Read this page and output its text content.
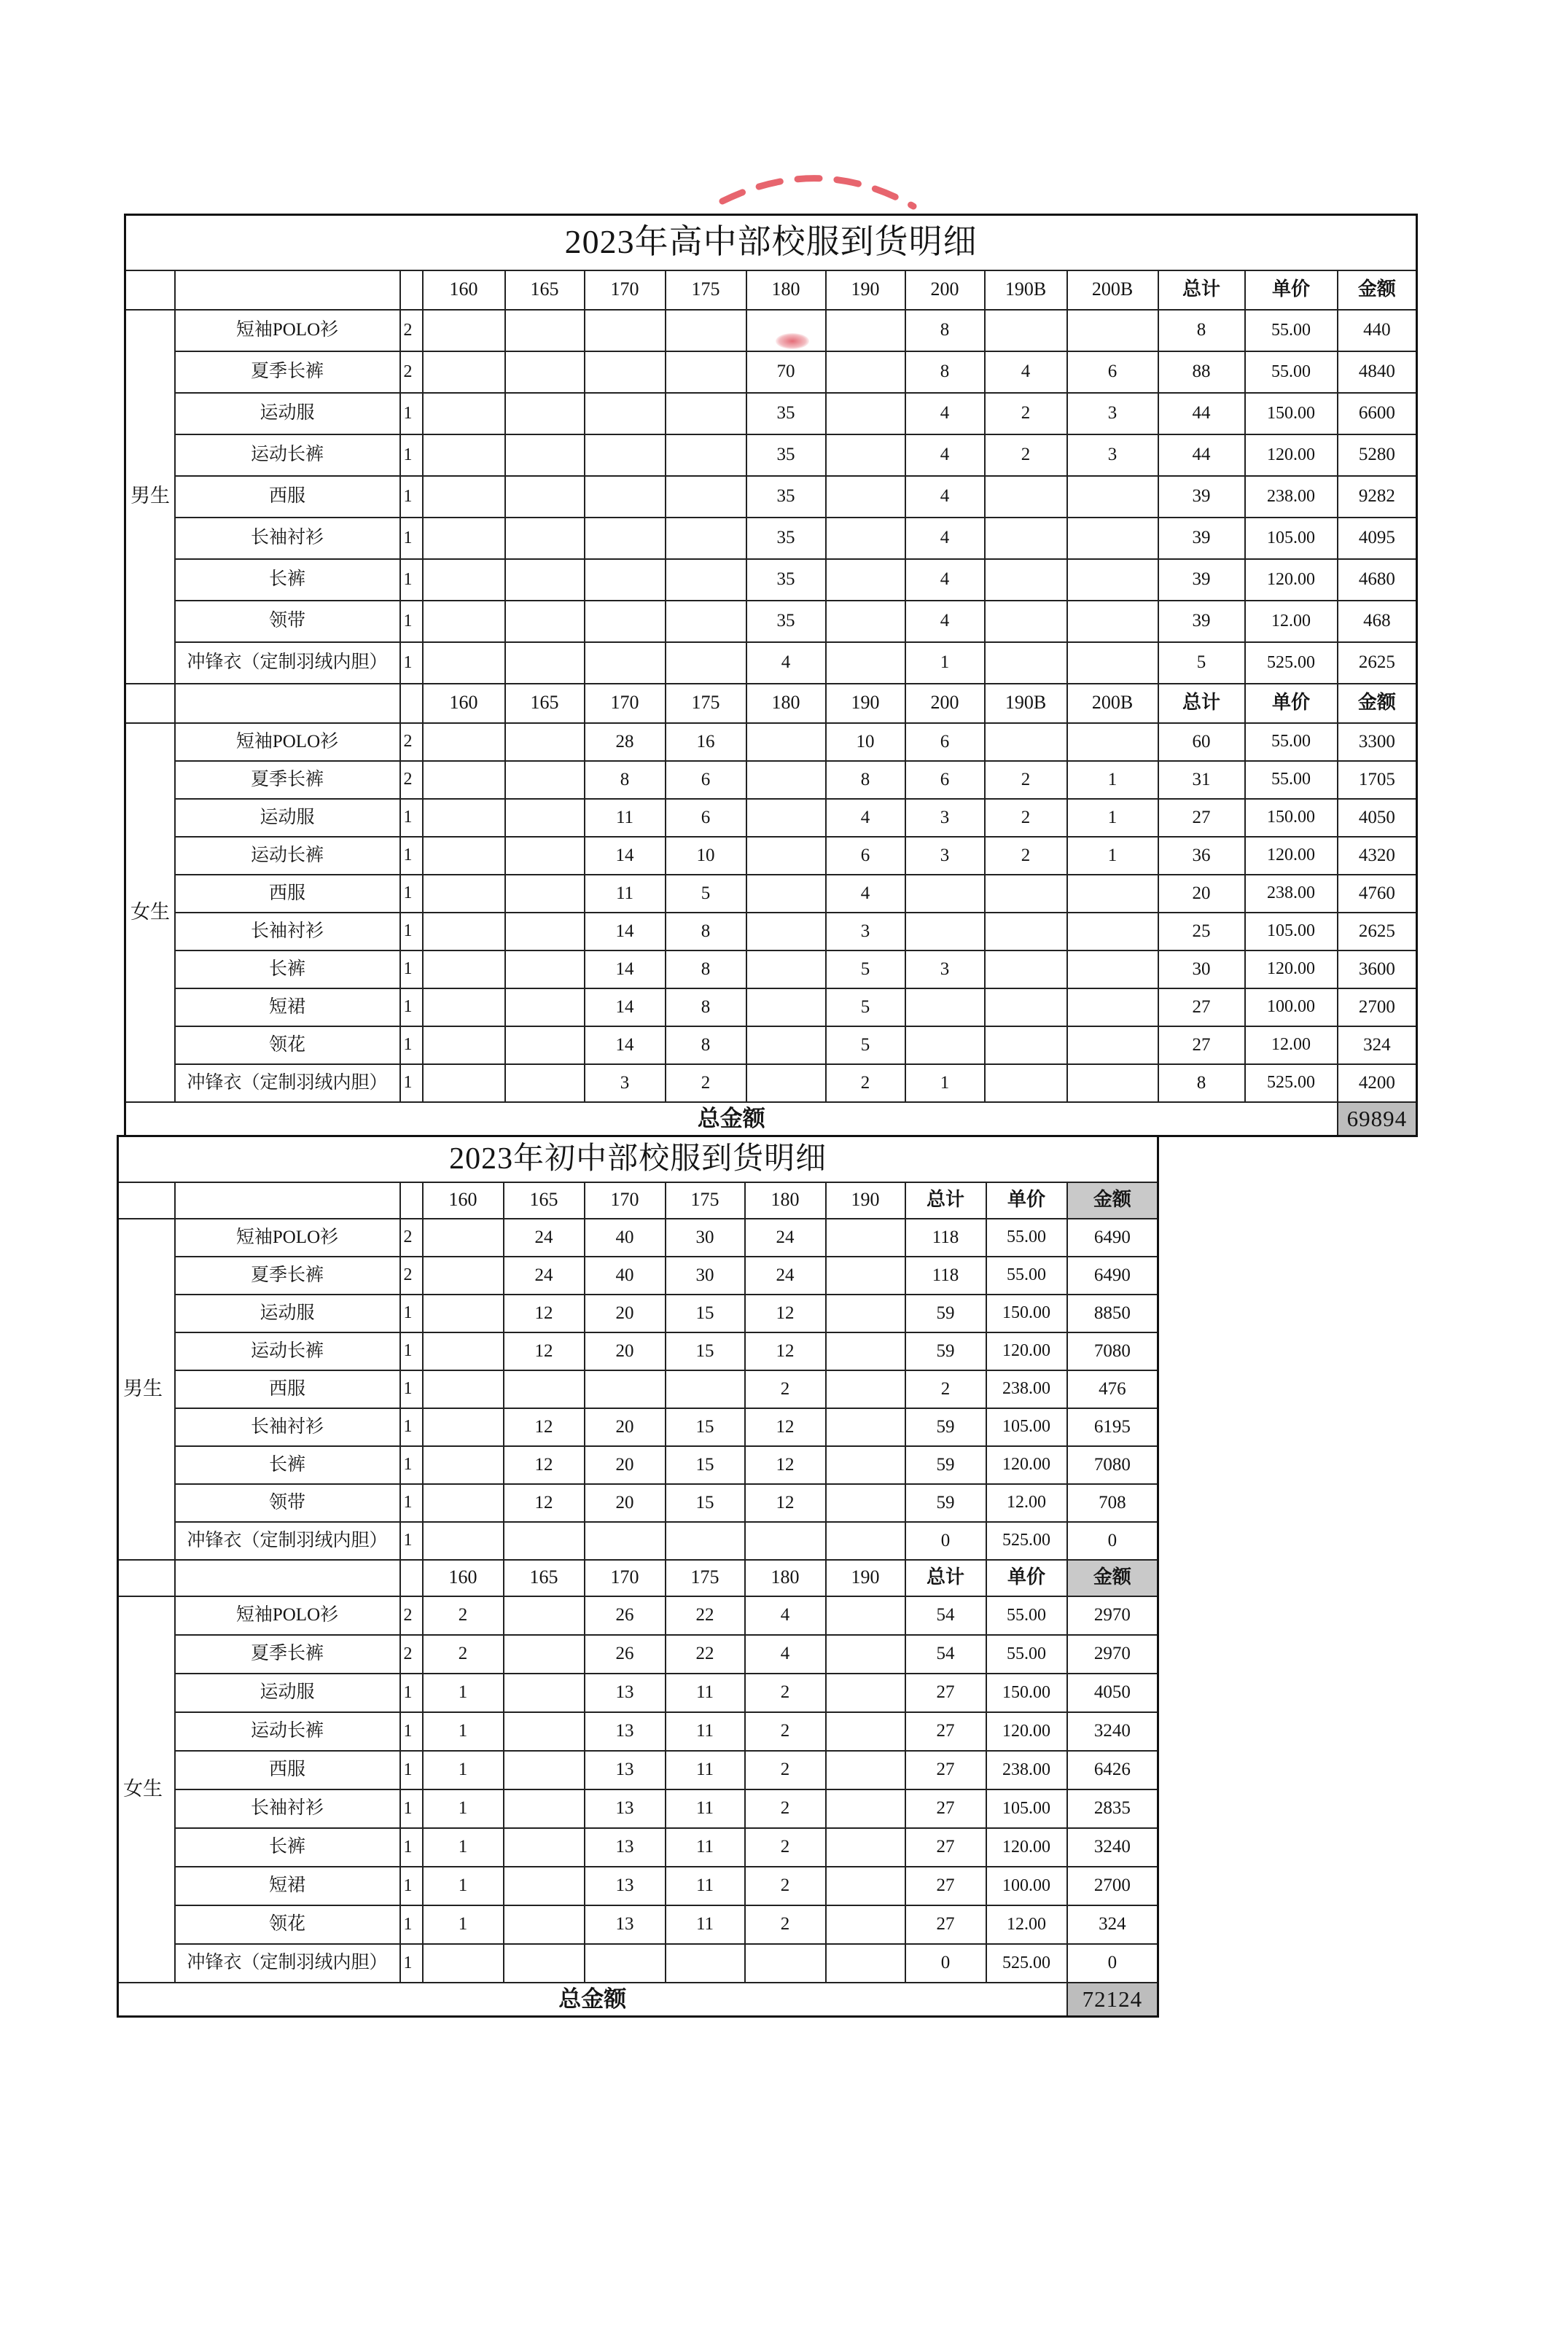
2023年高中部校服到货明细														
			160	165	170	175	180	190	200	190B	200B	总计	单价	金额
男生	短袖POLO衫	2							8			8	55.00	440
	夏季长裤	2					70		8	4	6	88	55.00	4840
	运动服	1					35		4	2	3	44	150.00	6600
	运动长裤	1					35		4	2	3	44	120.00	5280
	西服	1					35		4			39	238.00	9282
	长袖衬衫	1					35		4			39	105.00	4095
	长裤	1					35		4			39	120.00	4680
	领带	1					35		4			39	12.00	468
	冲锋衣（定制羽绒内胆）	1					4		1			5	525.00	2625
			160	165	170	175	180	190	200	190B	200B	总计	单价	金额
女生	短袖POLO衫	2			28	16		10	6			60	55.00	3300
	夏季长裤	2			8	6		8	6	2	1	31	55.00	1705
	运动服	1			11	6		4	3	2	1	27	150.00	4050
	运动长裤	1			14	10		6	3	2	1	36	120.00	4320
	西服	1			11	5		4				20	238.00	4760
	长袖衬衫	1			14	8		3				25	105.00	2625
	长裤	1			14	8		5	3			30	120.00	3600
	短裙	1			14	8		5				27	100.00	2700
	领花	1			14	8		5				27	12.00	324
	冲锋衣（定制羽绒内胆）	1			3	2		2	1			8	525.00	4200
总金额														69894
2023年初中部校服到货明细											
			160	165	170	175	180	190	总计	单价	金额
男生	短袖POLO衫	2		24	40	30	24		118	55.00	6490
	夏季长裤	2		24	40	30	24		118	55.00	6490
	运动服	1		12	20	15	12		59	150.00	8850
	运动长裤	1		12	20	15	12		59	120.00	7080
	西服	1					2		2	238.00	476
	长袖衬衫	1		12	20	15	12		59	105.00	6195
	长裤	1		12	20	15	12		59	120.00	7080
	领带	1		12	20	15	12		59	12.00	708
	冲锋衣（定制羽绒内胆）	1							0	525.00	0
			160	165	170	175	180	190	总计	单价	金额
女生	短袖POLO衫	2	2		26	22	4		54	55.00	2970
	夏季长裤	2	2		26	22	4		54	55.00	2970
	运动服	1	1		13	11	2		27	150.00	4050
	运动长裤	1	1		13	11	2		27	120.00	3240
	西服	1	1		13	11	2		27	238.00	6426
	长袖衬衫	1	1		13	11	2		27	105.00	2835
	长裤	1	1		13	11	2		27	120.00	3240
	短裙	1	1		13	11	2		27	100.00	2700
	领花	1	1		13	11	2		27	12.00	324
	冲锋衣（定制羽绒内胆）	1							0	525.00	0
总金额											72124
